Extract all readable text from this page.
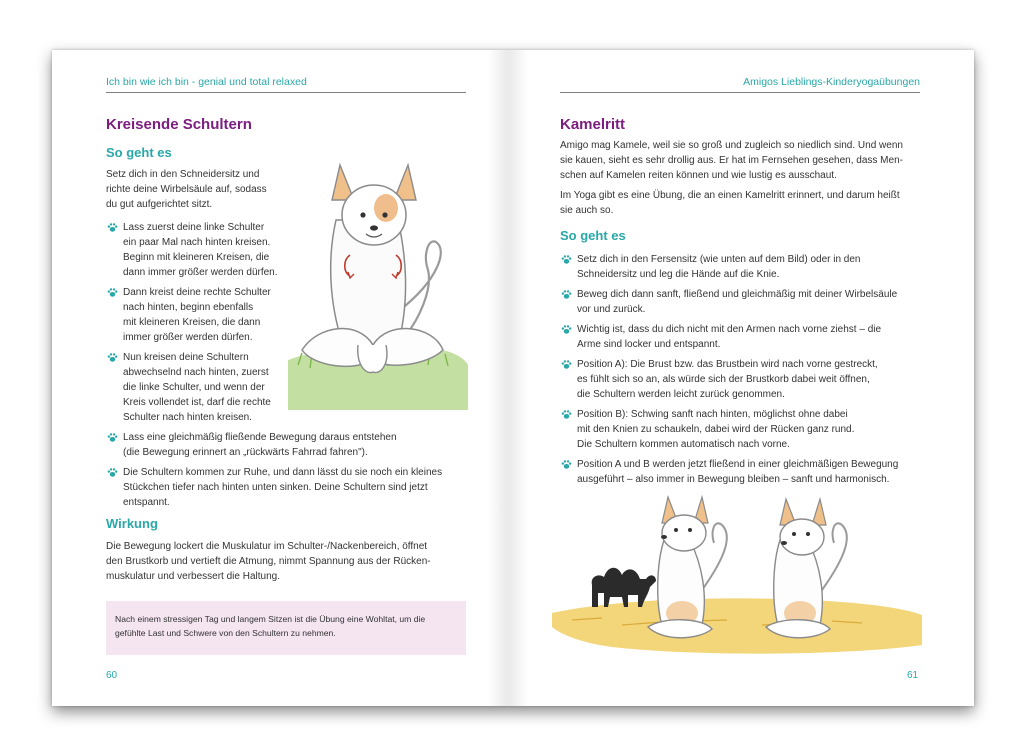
Ich bin wie ich bin - genial und total relaxed	Amigos Lieblings-Kinderyogaübungen
Kreisende Schultern
So geht es

Setz dich in den Schneidersitz und
richte deine Wirbelsäule auf, sodass
du gut aufgerichtet sitzt.

Lass zuerst deine linke Schulter
ein paar Mal nach hinten kreisen.
Beginn mit kleineren Kreisen, die
dann immer größer werden dürfen.
Dann kreist deine rechte Schulter
nach hinten, beginn ebenfalls
mit kleineren Kreisen, die dann
immer größer werden dürfen.
Nun kreisen deine Schultern
abwechselnd nach hinten, zuerst
die linke Schulter, und wenn der
Kreis vollendet ist, darf die rechte
Schulter nach hinten kreisen.
Lass eine gleichmäßig fließende Bewegung daraus entstehen
(die Bewegung erinnert an „rückwärts Fahrrad fahren").
Die Schultern kommen zur Ruhe, und dann lässt du sie noch ein kleines
Stückchen tiefer nach hinten unten sinken. Deine Schultern sind jetzt
entspannt.
Wirkung

Die Bewegung lockert die Muskulatur im Schulter-/Nackenbereich, öffnet
den Brustkorb und vertieft die Atmung, nimmt Spannung aus der Rücken-
muskulatur und verbessert die Haltung.

Nach einem stressigen Tag und langem Sitzen ist die Übung eine Wohltat, um die
gefühlte Last und Schwere von den Schultern zu nehmen.
60
Kamelritt

Amigo mag Kamele, weil sie so groß und zugleich so niedlich sind. Und wenn
sie kauen, sieht es sehr drollig aus. Er hat im Fernsehen gesehen, dass Men-
schen auf Kamelen reiten können und wie lustig es ausschaut.

Im Yoga gibt es eine Übung, die an einen Kamelritt erinnert, und darum heißt
sie auch so.

So geht es
Setz dich in den Fersensitz (wie unten auf dem Bild) oder in den
Schneidersitz und leg die Hände auf die Knie.
Beweg dich dann sanft, fließend und gleichmäßig mit deiner Wirbelsäule
vor und zurück.
Wichtig ist, dass du dich nicht mit den Armen nach vorne ziehst – die
Arme sind locker und entspannt.
Position A): Die Brust bzw. das Brustbein wird nach vorne gestreckt,
es fühlt sich so an, als würde sich der Brustkorb dabei weit öffnen,
die Schultern werden leicht zurück genommen.
Position B): Schwing sanft nach hinten, möglichst ohne dabei
mit den Knien zu schaukeln, dabei wird der Rücken ganz rund.
Die Schultern kommen automatisch nach vorne.
Position A und B werden jetzt fließend in einer gleichmäßigen Bewegung
ausgeführt – also immer in Bewegung bleiben – sanft und harmonisch.
61
